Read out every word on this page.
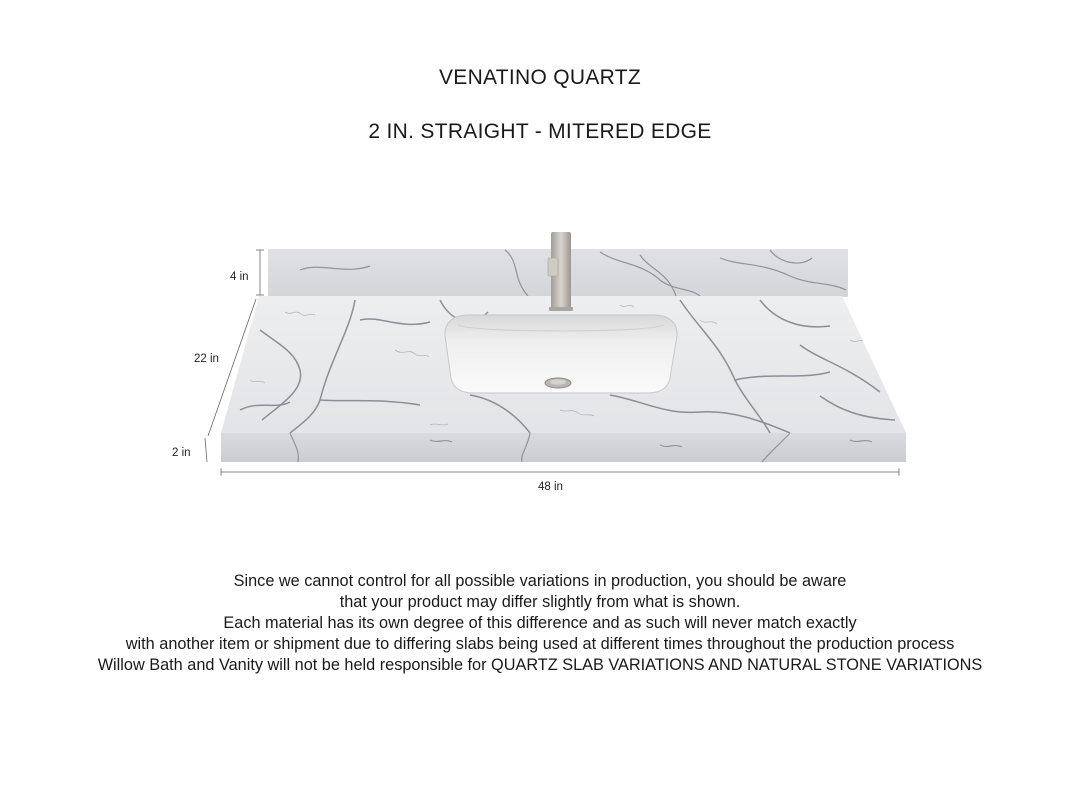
VENATINO QUARTZ
2 IN. STRAIGHT - MITERED EDGE
4 in
22 in
2 in
48 in
Since we cannot control for all possible variations in production, you should be aware
that your product may differ slightly from what is shown.
Each material has its own degree of this difference and as such will never match exactly
with another item or shipment due to differing slabs being used at different times throughout the production process
Willow Bath and Vanity will not be held responsible for QUARTZ SLAB VARIATIONS AND NATURAL STONE VARIATIONS
